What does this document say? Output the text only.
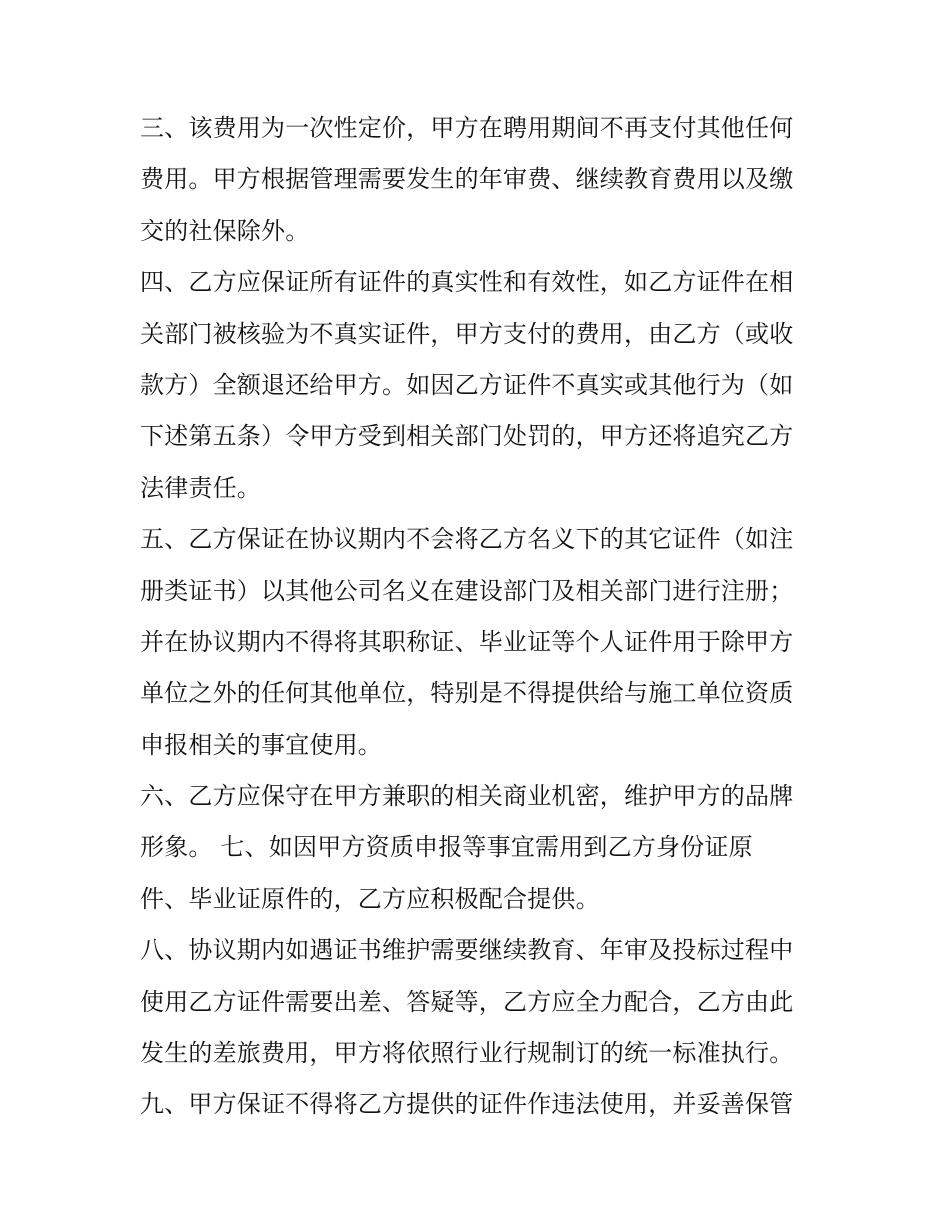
三、该费用为一次性定价，甲方在聘用期间不再支付其他任何
费用。甲方根据管理需要发生的年审费、继续教育费用以及缴
交的社保除外。
四、乙方应保证所有证件的真实性和有效性，如乙方证件在相
关部门被核验为不真实证件，甲方支付的费用，由乙方（或收
款方）全额退还给甲方。如因乙方证件不真实或其他行为（如
下述第五条）令甲方受到相关部门处罚的，甲方还将追究乙方
法律责任。
五、乙方保证在协议期内不会将乙方名义下的其它证件（如注
册类证书）以其他公司名义在建设部门及相关部门进行注册；
并在协议期内不得将其职称证、毕业证等个人证件用于除甲方
单位之外的任何其他单位，特别是不得提供给与施工单位资质
申报相关的事宜使用。
六、乙方应保守在甲方兼职的相关商业机密，维护甲方的品牌
形象。 七、如因甲方资质申报等事宜需用到乙方身份证原
件、毕业证原件的，乙方应积极配合提供。
八、协议期内如遇证书维护需要继续教育、年审及投标过程中
使用乙方证件需要出差、答疑等，乙方应全力配合，乙方由此
发生的差旅费用，甲方将依照行业行规制订的统一标准执行。
九、甲方保证不得将乙方提供的证件作违法使用，并妥善保管
